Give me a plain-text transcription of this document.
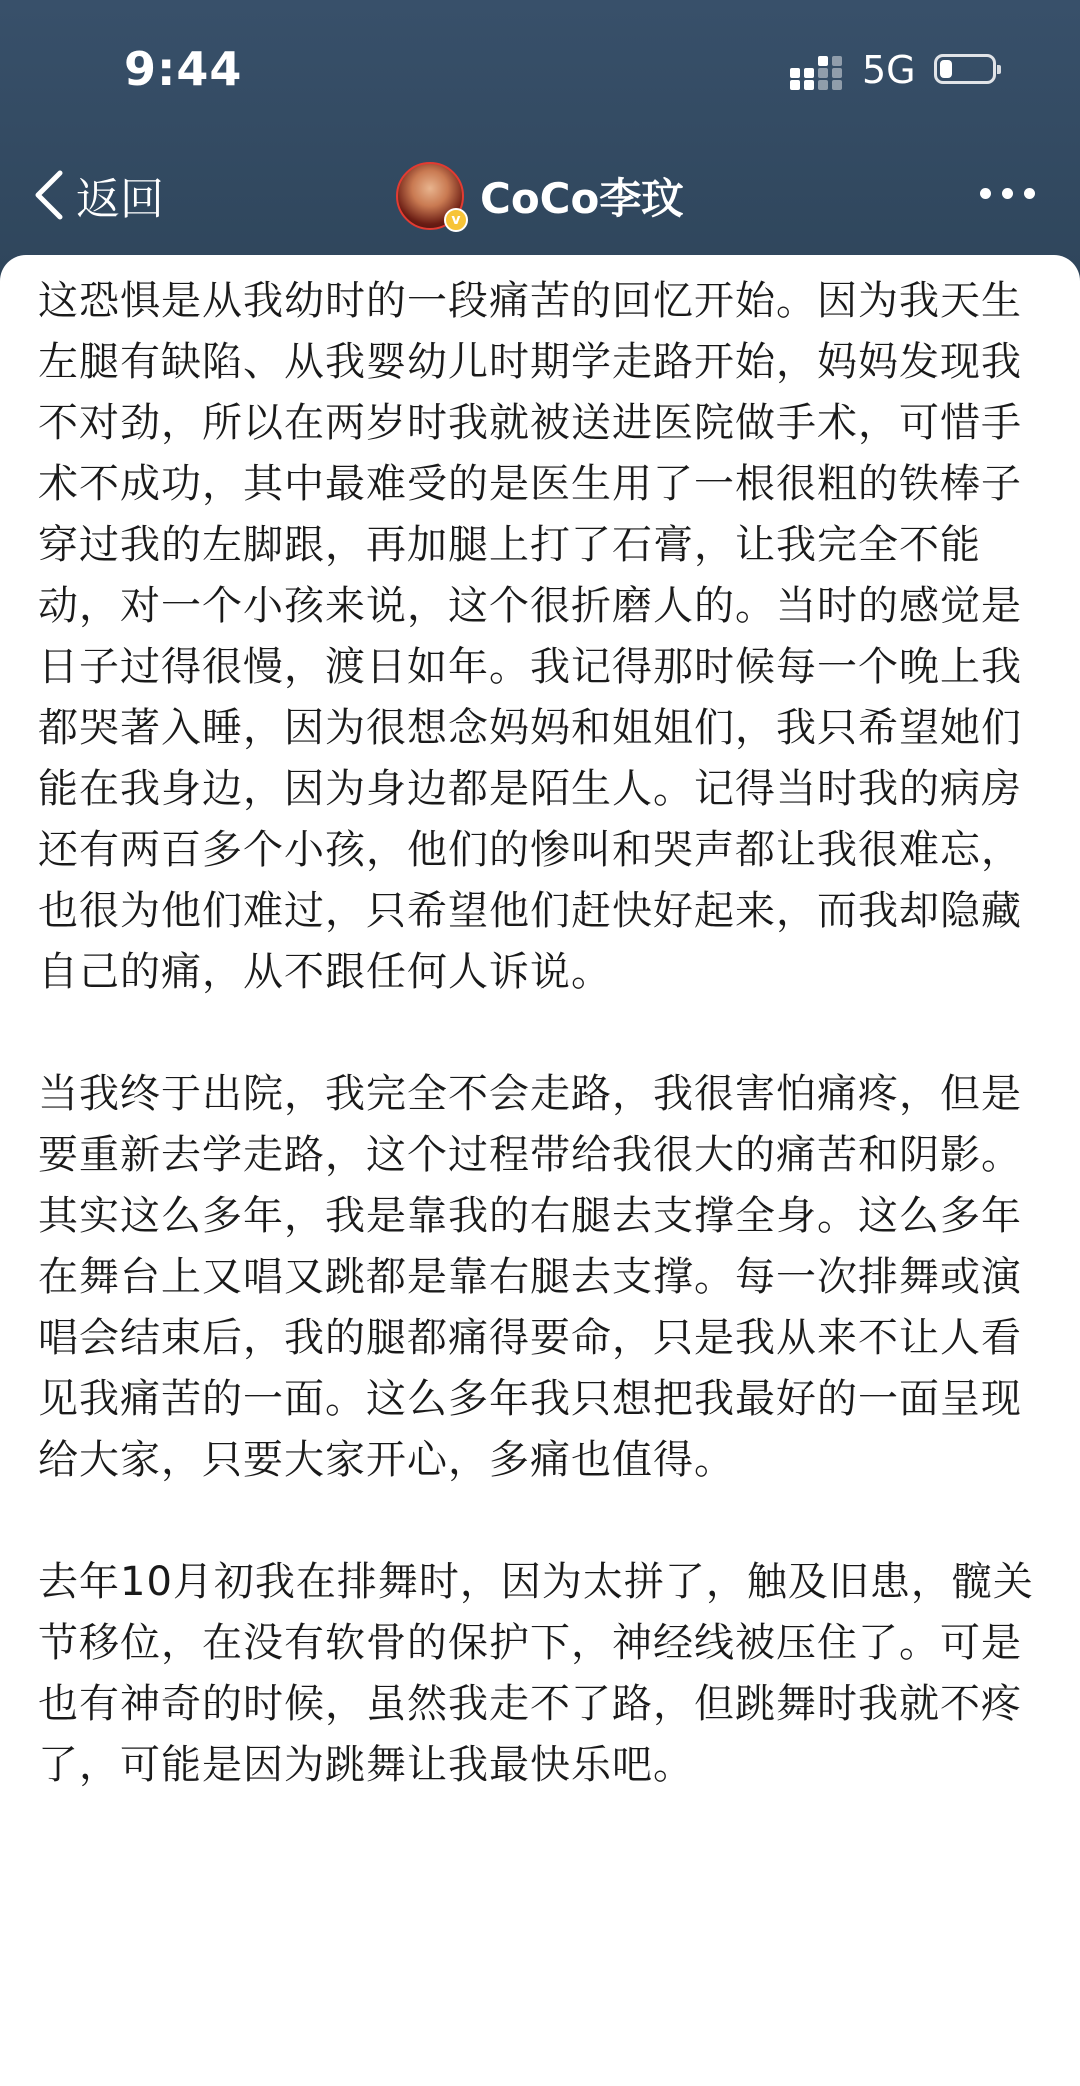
9:44	5G
返回	v CoCo李玟

这恐惧是从我幼时的一段痛苦的回忆开始。因为我天生左腿有缺陷、从我婴幼儿时期学走路开始，妈妈发现我不对劲，所以在两岁时我就被送进医院做手术，可惜手术不成功，其中最难受的是医生用了一根很粗的铁棒子穿过我的左脚跟，再加腿上打了石膏，让我完全不能动，对一个小孩来说，这个很折磨人的。当时的感觉是日子过得很慢，渡日如年。我记得那时候每一个晚上我都哭著入睡，因为很想念妈妈和姐姐们，我只希望她们能在我身边，因为身边都是陌生人。记得当时我的病房还有两百多个小孩，他们的惨叫和哭声都让我很难忘，也很为他们难过，只希望他们赶快好起来，而我却隐藏自己的痛，从不跟任何人诉说。

当我终于出院，我完全不会走路，我很害怕痛疼，但是要重新去学走路，这个过程带给我很大的痛苦和阴影。其实这么多年，我是靠我的右腿去支撑全身。这么多年在舞台上又唱又跳都是靠右腿去支撑。每一次排舞或演唱会结束后，我的腿都痛得要命，只是我从来不让人看见我痛苦的一面。这么多年我只想把我最好的一面呈现给大家，只要大家开心，多痛也值得。

去年10月初我在排舞时，因为太拼了，触及旧患，髋关节移位，在没有软骨的保护下，神经线被压住了。可是也有神奇的时候，虽然我走不了路，但跳舞时我就不疼了，可能是因为跳舞让我最快乐吧。
